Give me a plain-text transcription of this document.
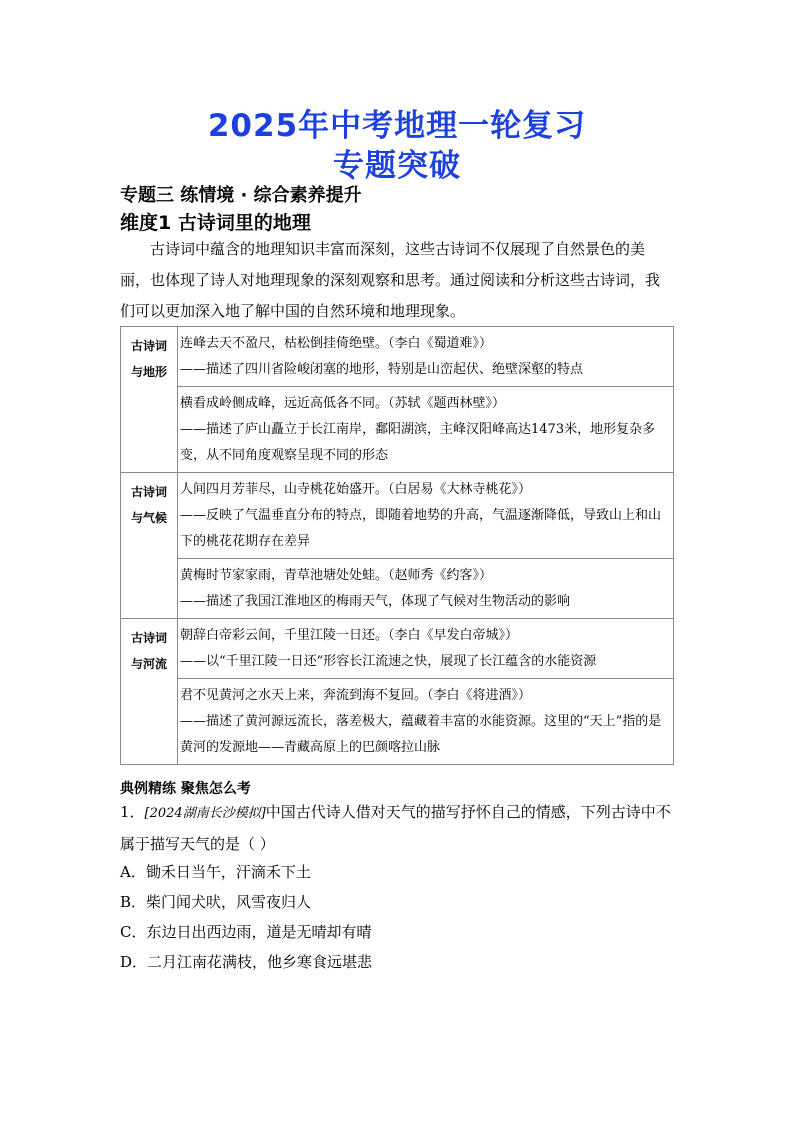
2025年中考地理一轮复习
专题突破
专题三 练情境 · 综合素养提升
维度1 古诗词里的地理

古诗词中蕴含的地理知识丰富而深刻，这些古诗词不仅展现了自然景色的美丽，也体现了诗人对地理现象的深刻观察和思考。通过阅读和分析这些古诗词，我们可以更加深入地了解中国的自然环境和地理现象。

古诗词
与地形	连峰去天不盈尺，枯松倒挂倚绝壁。（李白《蜀道难》）
——描述了四川省险峻闭塞的地形，特别是山峦起伏、绝壁深壑的特点

	横看成岭侧成峰，远近高低各不同。（苏轼《题西林壁》）
——描述了庐山矗立于长江南岸，鄱阳湖滨，主峰汉阳峰高达1473米，地形复杂多变，从不同角度观察呈现不同的形态

古诗词
与气候	人间四月芳菲尽，山寺桃花始盛开。（白居易《大林寺桃花》）
——反映了气温垂直分布的特点，即随着地势的升高，气温逐渐降低，导致山上和山下的桃花花期存在差异

	黄梅时节家家雨，青草池塘处处蛙。（赵师秀《约客》）
——描述了我国江淮地区的梅雨天气，体现了气候对生物活动的影响

古诗词
与河流	朝辞白帝彩云间，千里江陵一日还。（李白《早发白帝城》）
——以“千里江陵一日还”形容长江流速之快，展现了长江蕴含的水能资源

	君不见黄河之水天上来，奔流到海不复回。（李白《将进酒》）
——描述了黄河源远流长，落差极大，蕴藏着丰富的水能资源。这里的“天上”指的是黄河的发源地——青藏高原上的巴颜喀拉山脉
典例精练 聚焦怎么考

1．[2024湖南长沙模拟]中国古代诗人借对天气的描写抒怀自己的情感，下列古诗中不属于描写天气的是（ ）

A．锄禾日当午，汗滴禾下土
B．柴门闻犬吠，风雪夜归人
C．东边日出西边雨，道是无晴却有晴
D．二月江南花满枝，他乡寒食远堪悲
